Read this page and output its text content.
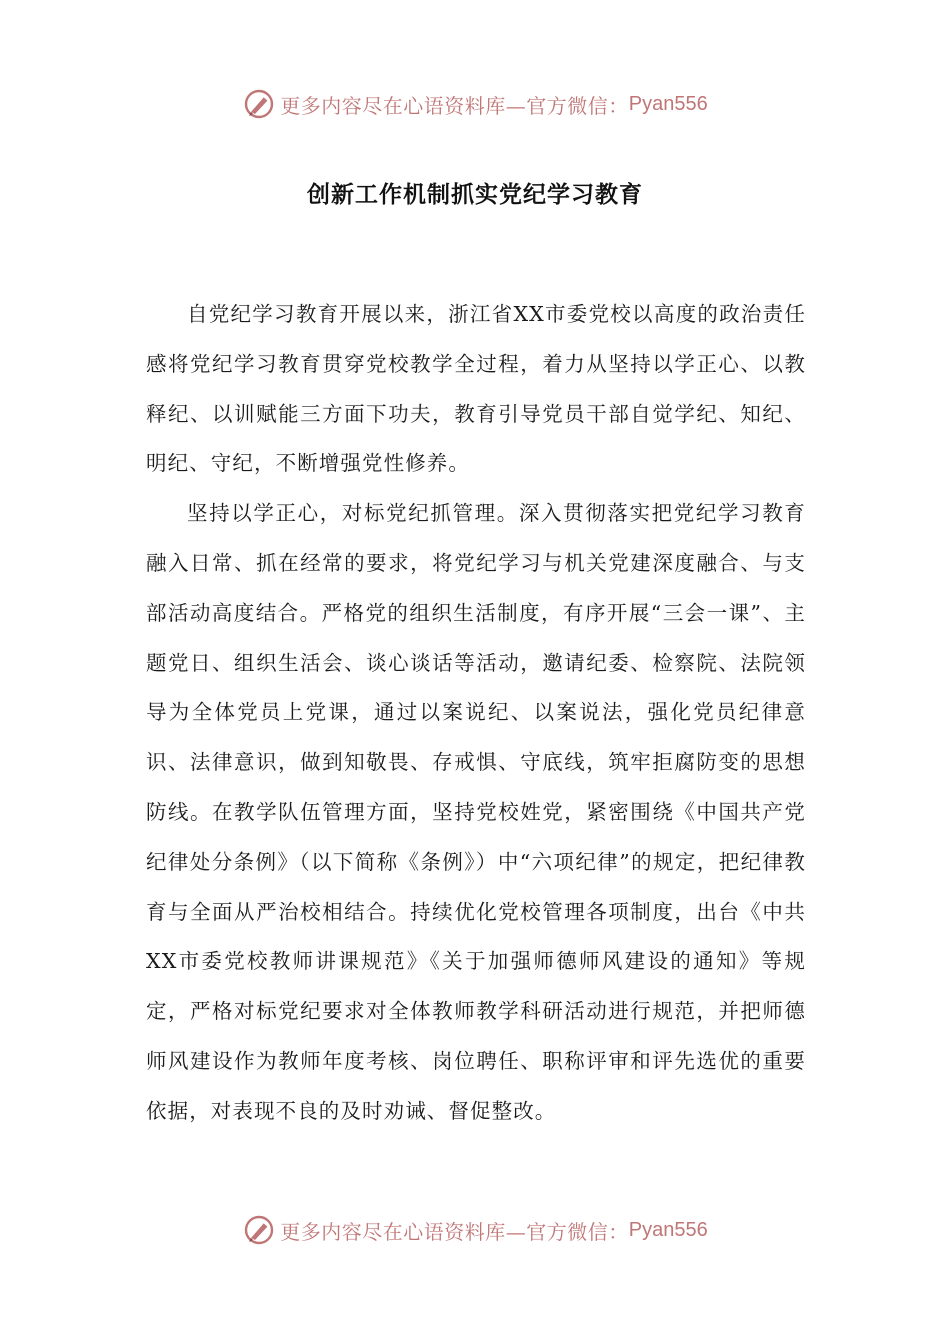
更多内容尽在心语资料库—官方微信： Pyan556
创新工作机制抓实党纪学习教育

自党纪学习教育开展以来，浙江省XX市委党校以高度的政治责任感将党纪学习教育贯穿党校教学全过程，着力从坚持以学正心、以教释纪、以训赋能三方面下功夫，教育引导党员干部自觉学纪、知纪、明纪、守纪，不断增强党性修养。

坚持以学正心，对标党纪抓管理。深入贯彻落实把党纪学习教育融入日常、抓在经常的要求，将党纪学习与机关党建深度融合、与支部活动高度结合。严格党的组织生活制度，有序开展“三会一课”、主题党日、组织生活会、谈心谈话等活动，邀请纪委、检察院、法院领导为全体党员上党课，通过以案说纪、以案说法，强化党员纪律意识、法律意识，做到知敬畏、存戒惧、守底线，筑牢拒腐防变的思想防线。在教学队伍管理方面，坚持党校姓党，紧密围绕《中国共产党纪律处分条例》（以下简称《条例》）中“六项纪律”的规定，把纪律教育与全面从严治校相结合。持续优化党校管理各项制度，出台《中共XX市委党校教师讲课规范》《关于加强师德师风建设的通知》等规定，严格对标党纪要求对全体教师教学科研活动进行规范，并把师德师风建设作为教师年度考核、岗位聘任、职称评审和评先选优的重要依据，对表现不良的及时劝诫、督促整改。

更多内容尽在心语资料库—官方微信： Pyan556
